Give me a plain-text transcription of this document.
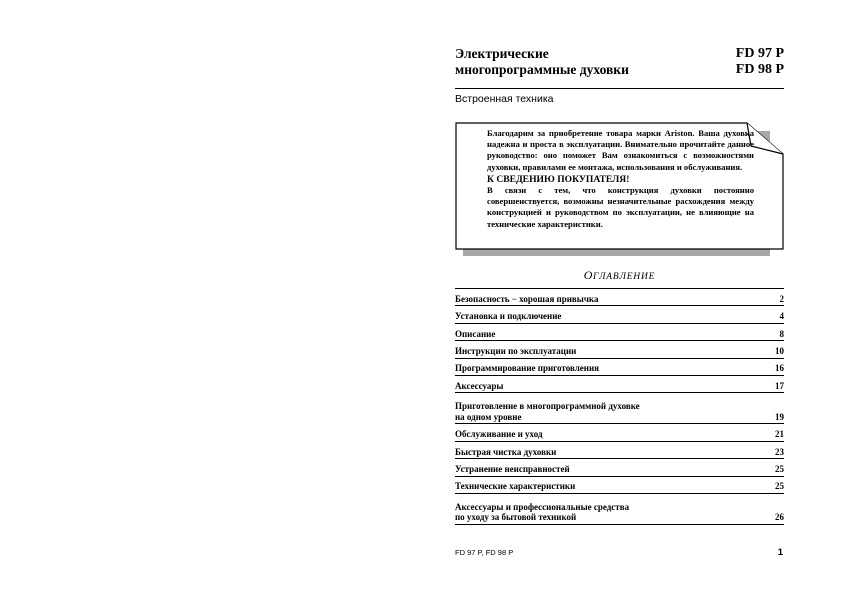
Электрические
многопрограммные духовки
FD 97 P
FD 98 P
Встроенная техника

Благодарим за приобретение товара марки Ariston. Ваша духовка надежна и проста в эксплуатации. Внимательно прочитайте данное руководство: оно поможет Вам ознакомиться с возможностями духовки, правилами ее монтажа, использования и обслуживания.

К СВЕДЕНИЮ ПОКУПАТЕЛЯ!

В связи с тем, что конструкция духовки постоянно совершенствуется, возможны незначительные расхождения между конструкцией и руководством по эксплуатации, не влияющие на технические характеристики.

ОГЛАВЛЕНИЕ
Безопасность − хорошая привычка	2
Установка и подключение	4
Описание	8
Инструкции по эксплуатации	10
Программирование приготовления	16
Аксессуары	17
Приготовление в многопрограммной духовке
на одном уровне	19
Обслуживание и уход	21
Быстрая чистка духовки	23
Устранение неисправностей	25
Технические характеристики	25
Аксессуары и профессиональные средства
по уходу за бытовой техникой	26
FD 97 P, FD 98 P	1
